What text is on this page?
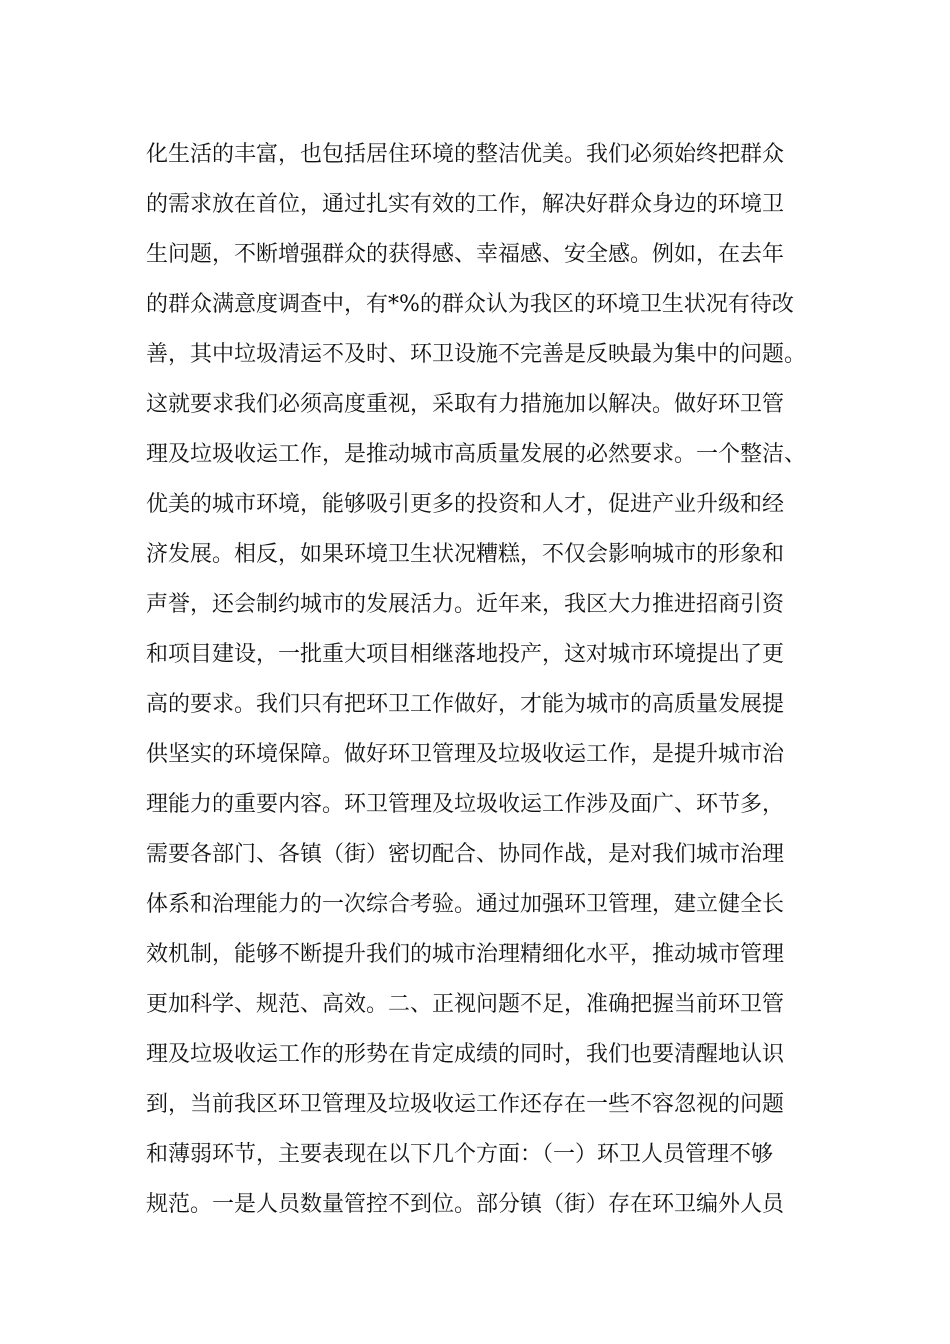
化生活的丰富，也包括居住环境的整洁优美。我们必须始终把群众
的需求放在首位，通过扎实有效的工作，解决好群众身边的环境卫
生问题，不断增强群众的获得感、幸福感、安全感。例如，在去年
的群众满意度调查中，有*%的群众认为我区的环境卫生状况有待改
善，其中垃圾清运不及时、环卫设施不完善是反映最为集中的问题。
这就要求我们必须高度重视，采取有力措施加以解决。做好环卫管
理及垃圾收运工作，是推动城市高质量发展的必然要求。一个整洁、
优美的城市环境，能够吸引更多的投资和人才，促进产业升级和经
济发展。相反，如果环境卫生状况糟糕，不仅会影响城市的形象和
声誉，还会制约城市的发展活力。近年来，我区大力推进招商引资
和项目建设，一批重大项目相继落地投产，这对城市环境提出了更
高的要求。我们只有把环卫工作做好，才能为城市的高质量发展提
供坚实的环境保障。做好环卫管理及垃圾收运工作，是提升城市治
理能力的重要内容。环卫管理及垃圾收运工作涉及面广、环节多，
需要各部门、各镇（街）密切配合、协同作战，是对我们城市治理
体系和治理能力的一次综合考验。通过加强环卫管理，建立健全长
效机制，能够不断提升我们的城市治理精细化水平，推动城市管理
更加科学、规范、高效。二、正视问题不足，准确把握当前环卫管
理及垃圾收运工作的形势在肯定成绩的同时，我们也要清醒地认识
到，当前我区环卫管理及垃圾收运工作还存在一些不容忽视的问题
和薄弱环节，主要表现在以下几个方面：（一）环卫人员管理不够
规范。一是人员数量管控不到位。部分镇（街）存在环卫编外人员
